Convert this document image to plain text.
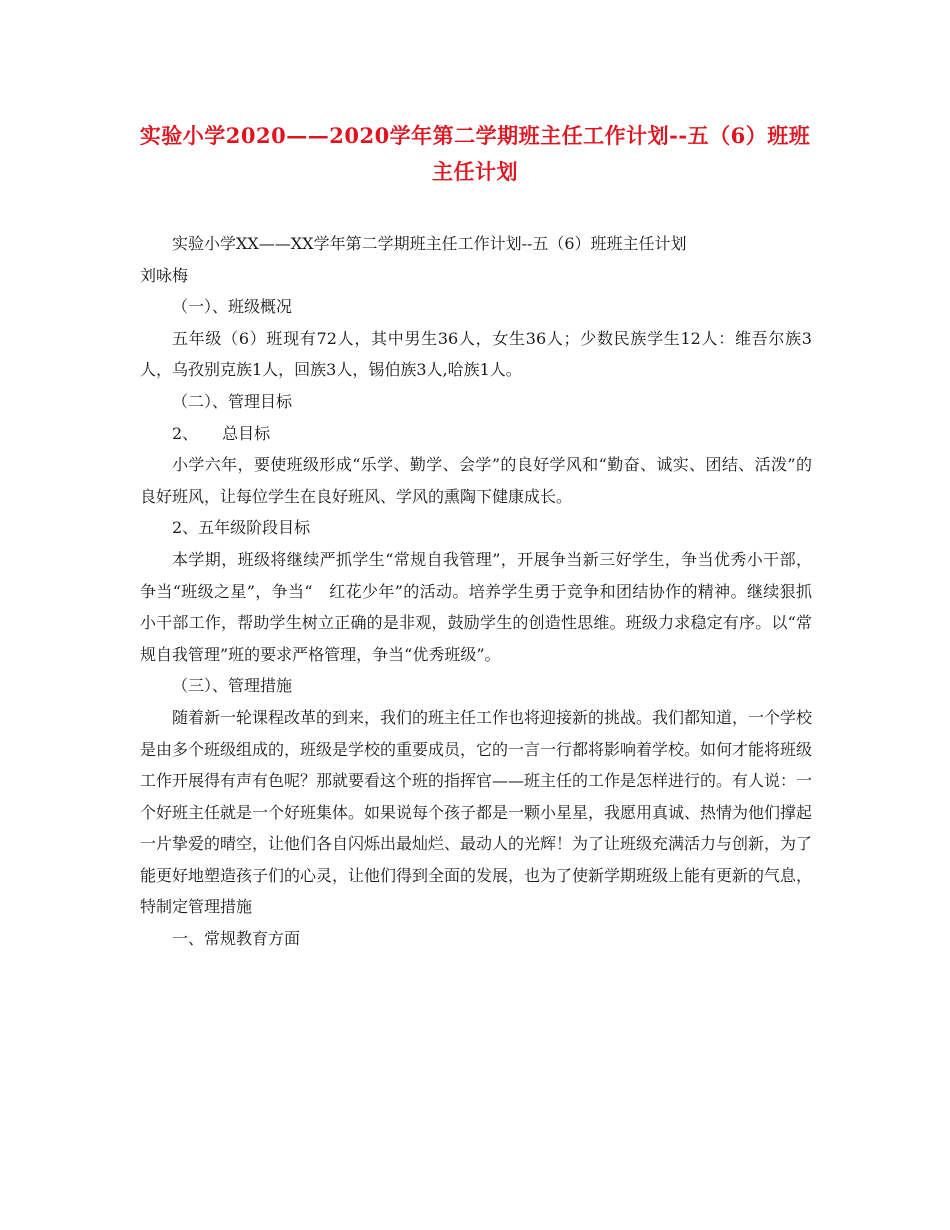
实验小学2020——2020学年第二学期班主任工作计划--五（6）班班主任计划

实验小学XX——XX学年第二学期班主任工作计划--五（6）班班主任计划

刘咏梅

（一）、班级概况

五年级（6）班现有72人，其中男生36人，女生36人；少数民族学生12人：维吾尔族3人，乌孜别克族1人，回族3人，锡伯族3人,哈族1人。

（二）、管理目标

2、　　总目标

小学六年，要使班级形成“乐学、勤学、会学”的良好学风和“勤奋、诚实、团结、活泼”的良好班风，让每位学生在良好班风、学风的熏陶下健康成长。

2、五年级阶段目标

本学期，班级将继续严抓学生“常规自我管理”，开展争当新三好学生，争当优秀小干部，争当“班级之星”，争当“　红花少年”的活动。培养学生勇于竞争和团结协作的精神。继续狠抓小干部工作，帮助学生树立正确的是非观，鼓励学生的创造性思维。班级力求稳定有序。以“常规自我管理”班的要求严格管理，争当“优秀班级”。

（三）、管理措施

随着新一轮课程改革的到来，我们的班主任工作也将迎接新的挑战。我们都知道，一个学校是由多个班级组成的，班级是学校的重要成员，它的一言一行都将影响着学校。如何才能将班级工作开展得有声有色呢？那就要看这个班的指挥官——班主任的工作是怎样进行的。有人说：一个好班主任就是一个好班集体。如果说每个孩子都是一颗小星星，我愿用真诚、热情为他们撑起一片挚爱的晴空，让他们各自闪烁出最灿烂、最动人的光辉！为了让班级充满活力与创新，为了能更好地塑造孩子们的心灵，让他们得到全面的发展，也为了使新学期班级上能有更新的气息，特制定管理措施

一、常规教育方面
